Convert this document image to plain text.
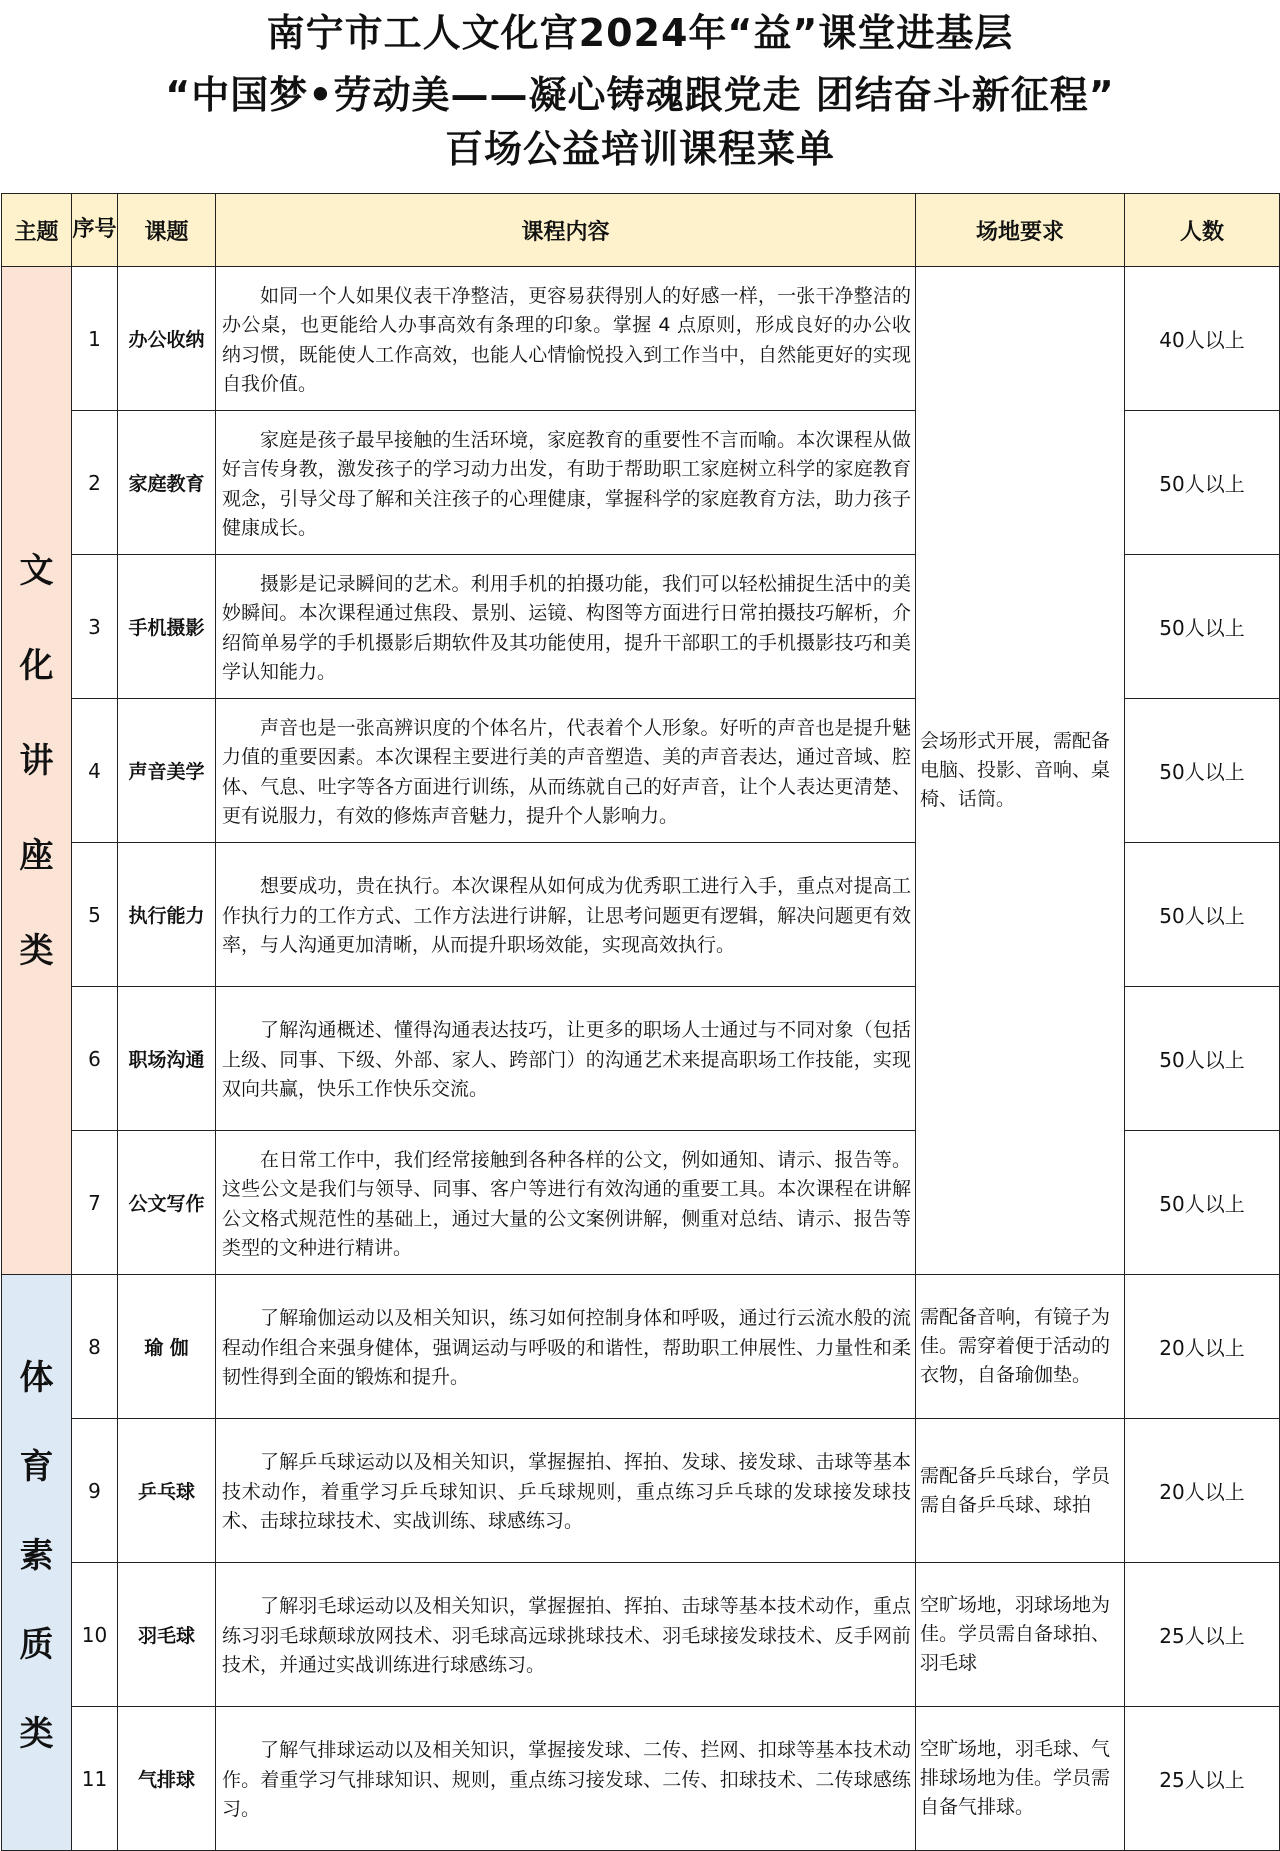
南宁市工人文化宫2024年“益”课堂进基层
“中国梦•劳动美——凝心铸魂跟党走 团结奋斗新征程”
百场公益培训课程菜单
主题	序号	课题	课程内容	场地要求	人数

文
化
讲
座
类	1	办公收纳	如同一个人如果仪表干净整洁，更容易获得别人的好感一样，一张干净整洁的办公桌，也更能给人办事高效有条理的印象。掌握 4 点原则，形成良好的办公收纳习惯，既能使人工作高效，也能人心情愉悦投入到工作当中，自然能更好的实现自我价值。	会场形式开展，需配备电脑、投影、音响、桌椅、话筒。	40人以上
	2	家庭教育	家庭是孩子最早接触的生活环境，家庭教育的重要性不言而喻。本次课程从做好言传身教，激发孩子的学习动力出发，有助于帮助职工家庭树立科学的家庭教育观念，引导父母了解和关注孩子的心理健康，掌握科学的家庭教育方法，助力孩子健康成长。		50人以上
	3	手机摄影	摄影是记录瞬间的艺术。利用手机的拍摄功能，我们可以轻松捕捉生活中的美妙瞬间。本次课程通过焦段、景别、运镜、构图等方面进行日常拍摄技巧解析，介绍简单易学的手机摄影后期软件及其功能使用，提升干部职工的手机摄影技巧和美学认知能力。		50人以上
	4	声音美学	声音也是一张高辨识度的个体名片，代表着个人形象。好听的声音也是提升魅力值的重要因素。本次课程主要进行美的声音塑造、美的声音表达，通过音域、腔体、气息、吐字等各方面进行训练，从而练就自己的好声音，让个人表达更清楚、更有说服力，有效的修炼声音魅力，提升个人影响力。		50人以上
	5	执行能力	想要成功，贵在执行。本次课程从如何成为优秀职工进行入手，重点对提高工作执行力的工作方式、工作方法进行讲解，让思考问题更有逻辑，解决问题更有效率，与人沟通更加清晰，从而提升职场效能，实现高效执行。		50人以上
	6	职场沟通	了解沟通概述、懂得沟通表达技巧，让更多的职场人士通过与不同对象（包括上级、同事、下级、外部、家人、跨部门）的沟通艺术来提高职场工作技能，实现双向共赢，快乐工作快乐交流。		50人以上
	7	公文写作	在日常工作中，我们经常接触到各种各样的公文，例如通知、请示、报告等。这些公文是我们与领导、同事、客户等进行有效沟通的重要工具。本次课程在讲解公文格式规范性的基础上，通过大量的公文案例讲解，侧重对总结、请示、报告等类型的文种进行精讲。		50人以上

体
育
素
质
类	8	瑜 伽	了解瑜伽运动以及相关知识，练习如何控制身体和呼吸，通过行云流水般的流程动作组合来强身健体，强调运动与呼吸的和谐性，帮助职工伸展性、力量性和柔韧性得到全面的锻炼和提升。	需配备音响，有镜子为佳。需穿着便于活动的衣物，自备瑜伽垫。	20人以上
	9	乒乓球	了解乒乓球运动以及相关知识，掌握握拍、挥拍、发球、接发球、击球等基本技术动作，着重学习乒乓球知识、乒乓球规则，重点练习乒乓球的发球接发球技术、击球拉球技术、实战训练、球感练习。	需配备乒乓球台，学员需自备乒乓球、球拍	20人以上
	10	羽毛球	了解羽毛球运动以及相关知识，掌握握拍、挥拍、击球等基本技术动作，重点练习羽毛球颠球放网技术、羽毛球高远球挑球技术、羽毛球接发球技术、反手网前技术，并通过实战训练进行球感练习。	空旷场地，羽球场地为佳。学员需自备球拍、羽毛球	25人以上
	11	气排球	了解气排球运动以及相关知识，掌握接发球、二传、拦网、扣球等基本技术动作。着重学习气排球知识、规则，重点练习接发球、二传、扣球技术、二传球感练习。	空旷场地，羽毛球、气排球场地为佳。学员需自备气排球。	25人以上
